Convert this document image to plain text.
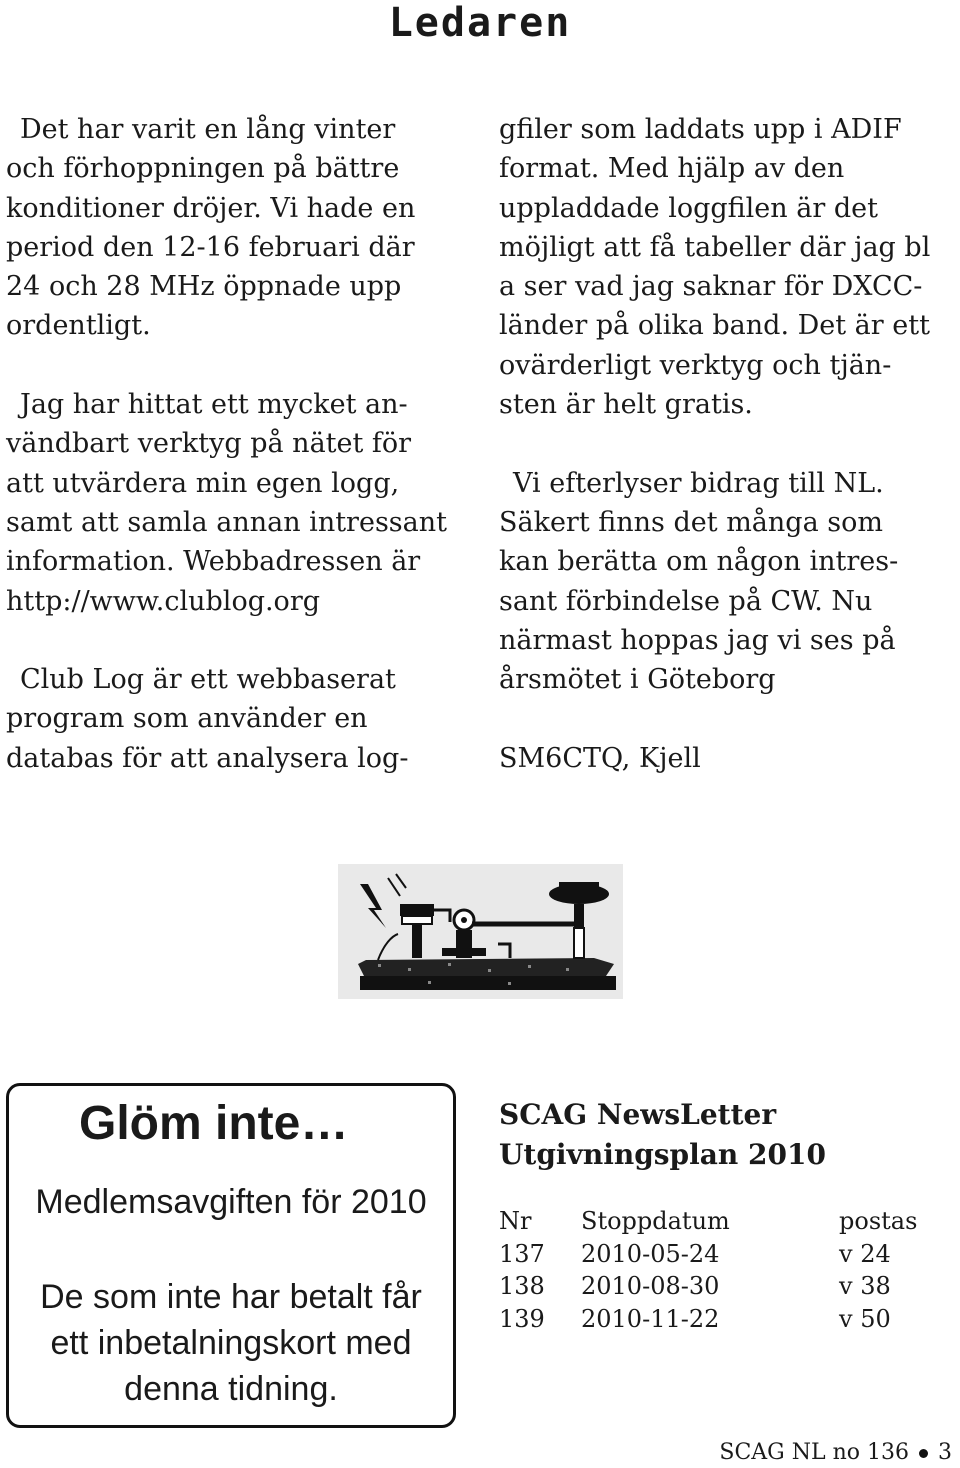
Ledaren

Det har varit en lång vinter

och förhoppningen på bättre

konditioner dröjer. Vi hade en

period den 12-16 februari där

24 och 28 MHz öppnade upp

ordentligt.

Jag har hittat ett mycket an-

vändbart verktyg på nätet för

att utvärdera min egen logg,

samt att samla annan intressant

information. Webbadressen är

http://www.clublog.org

Club Log är ett webbaserat

program som använder en

databas för att analysera log-

gfiler som laddats upp i ADIF

format. Med hjälp av den

uppladdade loggfilen är det

möjligt att få tabeller där jag bl

a ser vad jag saknar för DXCC-

länder på olika band. Det är ett

ovärderligt verktyg och tjän-

sten är helt gratis.

Vi efterlyser bidrag till NL.

Säkert finns det många som

kan berätta om någon intres-

sant förbindelse på CW. Nu

närmast hoppas jag vi ses på

årsmötet i Göteborg

SM6CTQ, Kjell

Glöm inte…
Medlemsavgiften för 2010
De som inte har betalt får
ett inbetalningskort med
denna tidning.

SCAG NewsLetter

Utgivningsplan 2010

Nr	Stoppdatum	postas
137	2010-05-24	v 24
138	2010-08-30	v 38
139	2010-11-22	v 50
SCAG NL no 136 3
